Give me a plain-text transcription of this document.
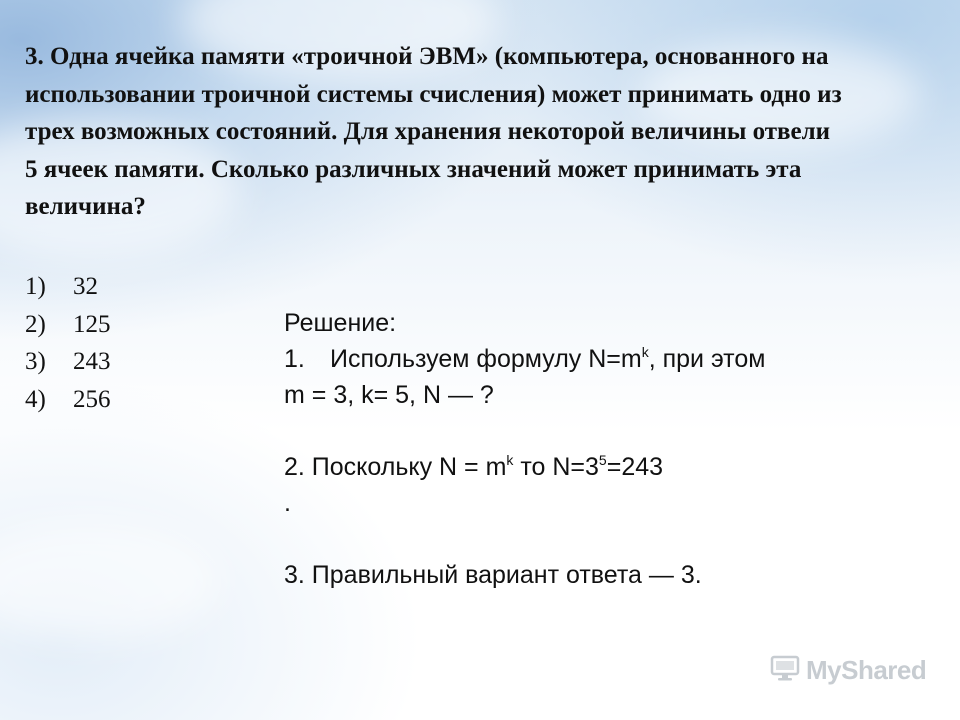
3. Одна ячейка памяти «троичной ЭВМ» (компьютера, основанного на использовании троичной системы счисления) может принимать одно из трех возможных состояний. Для хранения некоторой величины отвели 5 ячеек памяти. Сколько различных значений может принимать эта величина?

1)	32
2)	125
3)	243
4)	256
Решение:
1. Используем формулу $N=m^k$, при этом
m = 3, k= 5, N — ?
2. Поскольку $N = m^k$ то $N=3^5=243$
.
3. Правильный вариант ответа — 3.
MyShared
